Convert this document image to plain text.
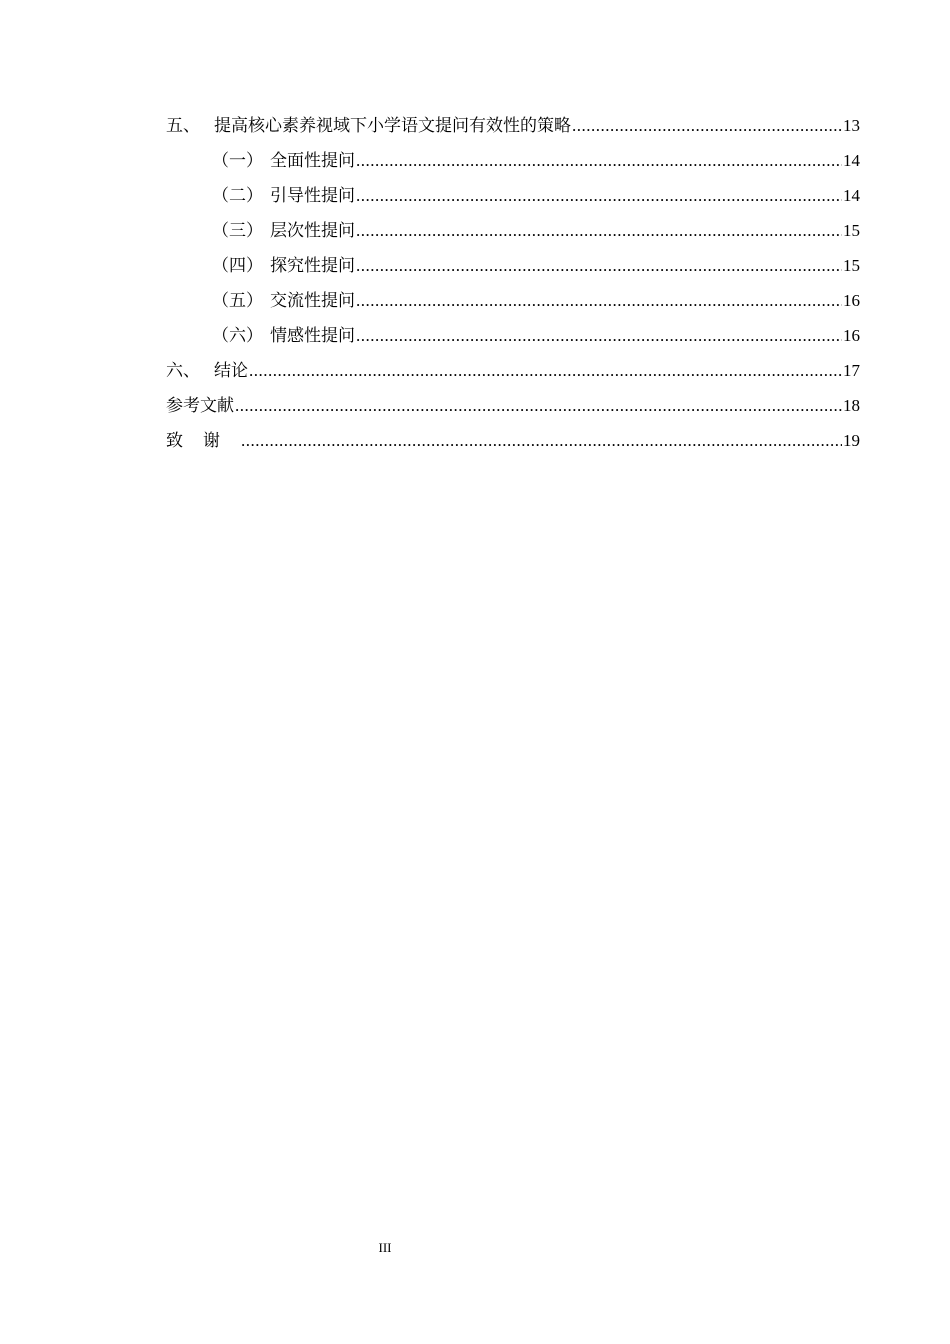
五、 提高核心素养视域下小学语文提问有效性的策略 .....	13
（一） 全面性提问 .....	14
（二） 引导性提问 .....	14
（三） 层次性提问 .....	15
（四） 探究性提问 .....	15
（五） 交流性提问 .....	16
（六） 情感性提问 .....	16
六、 结论 .....	17
参考文献 .....	18
致谢 .....	19
III
